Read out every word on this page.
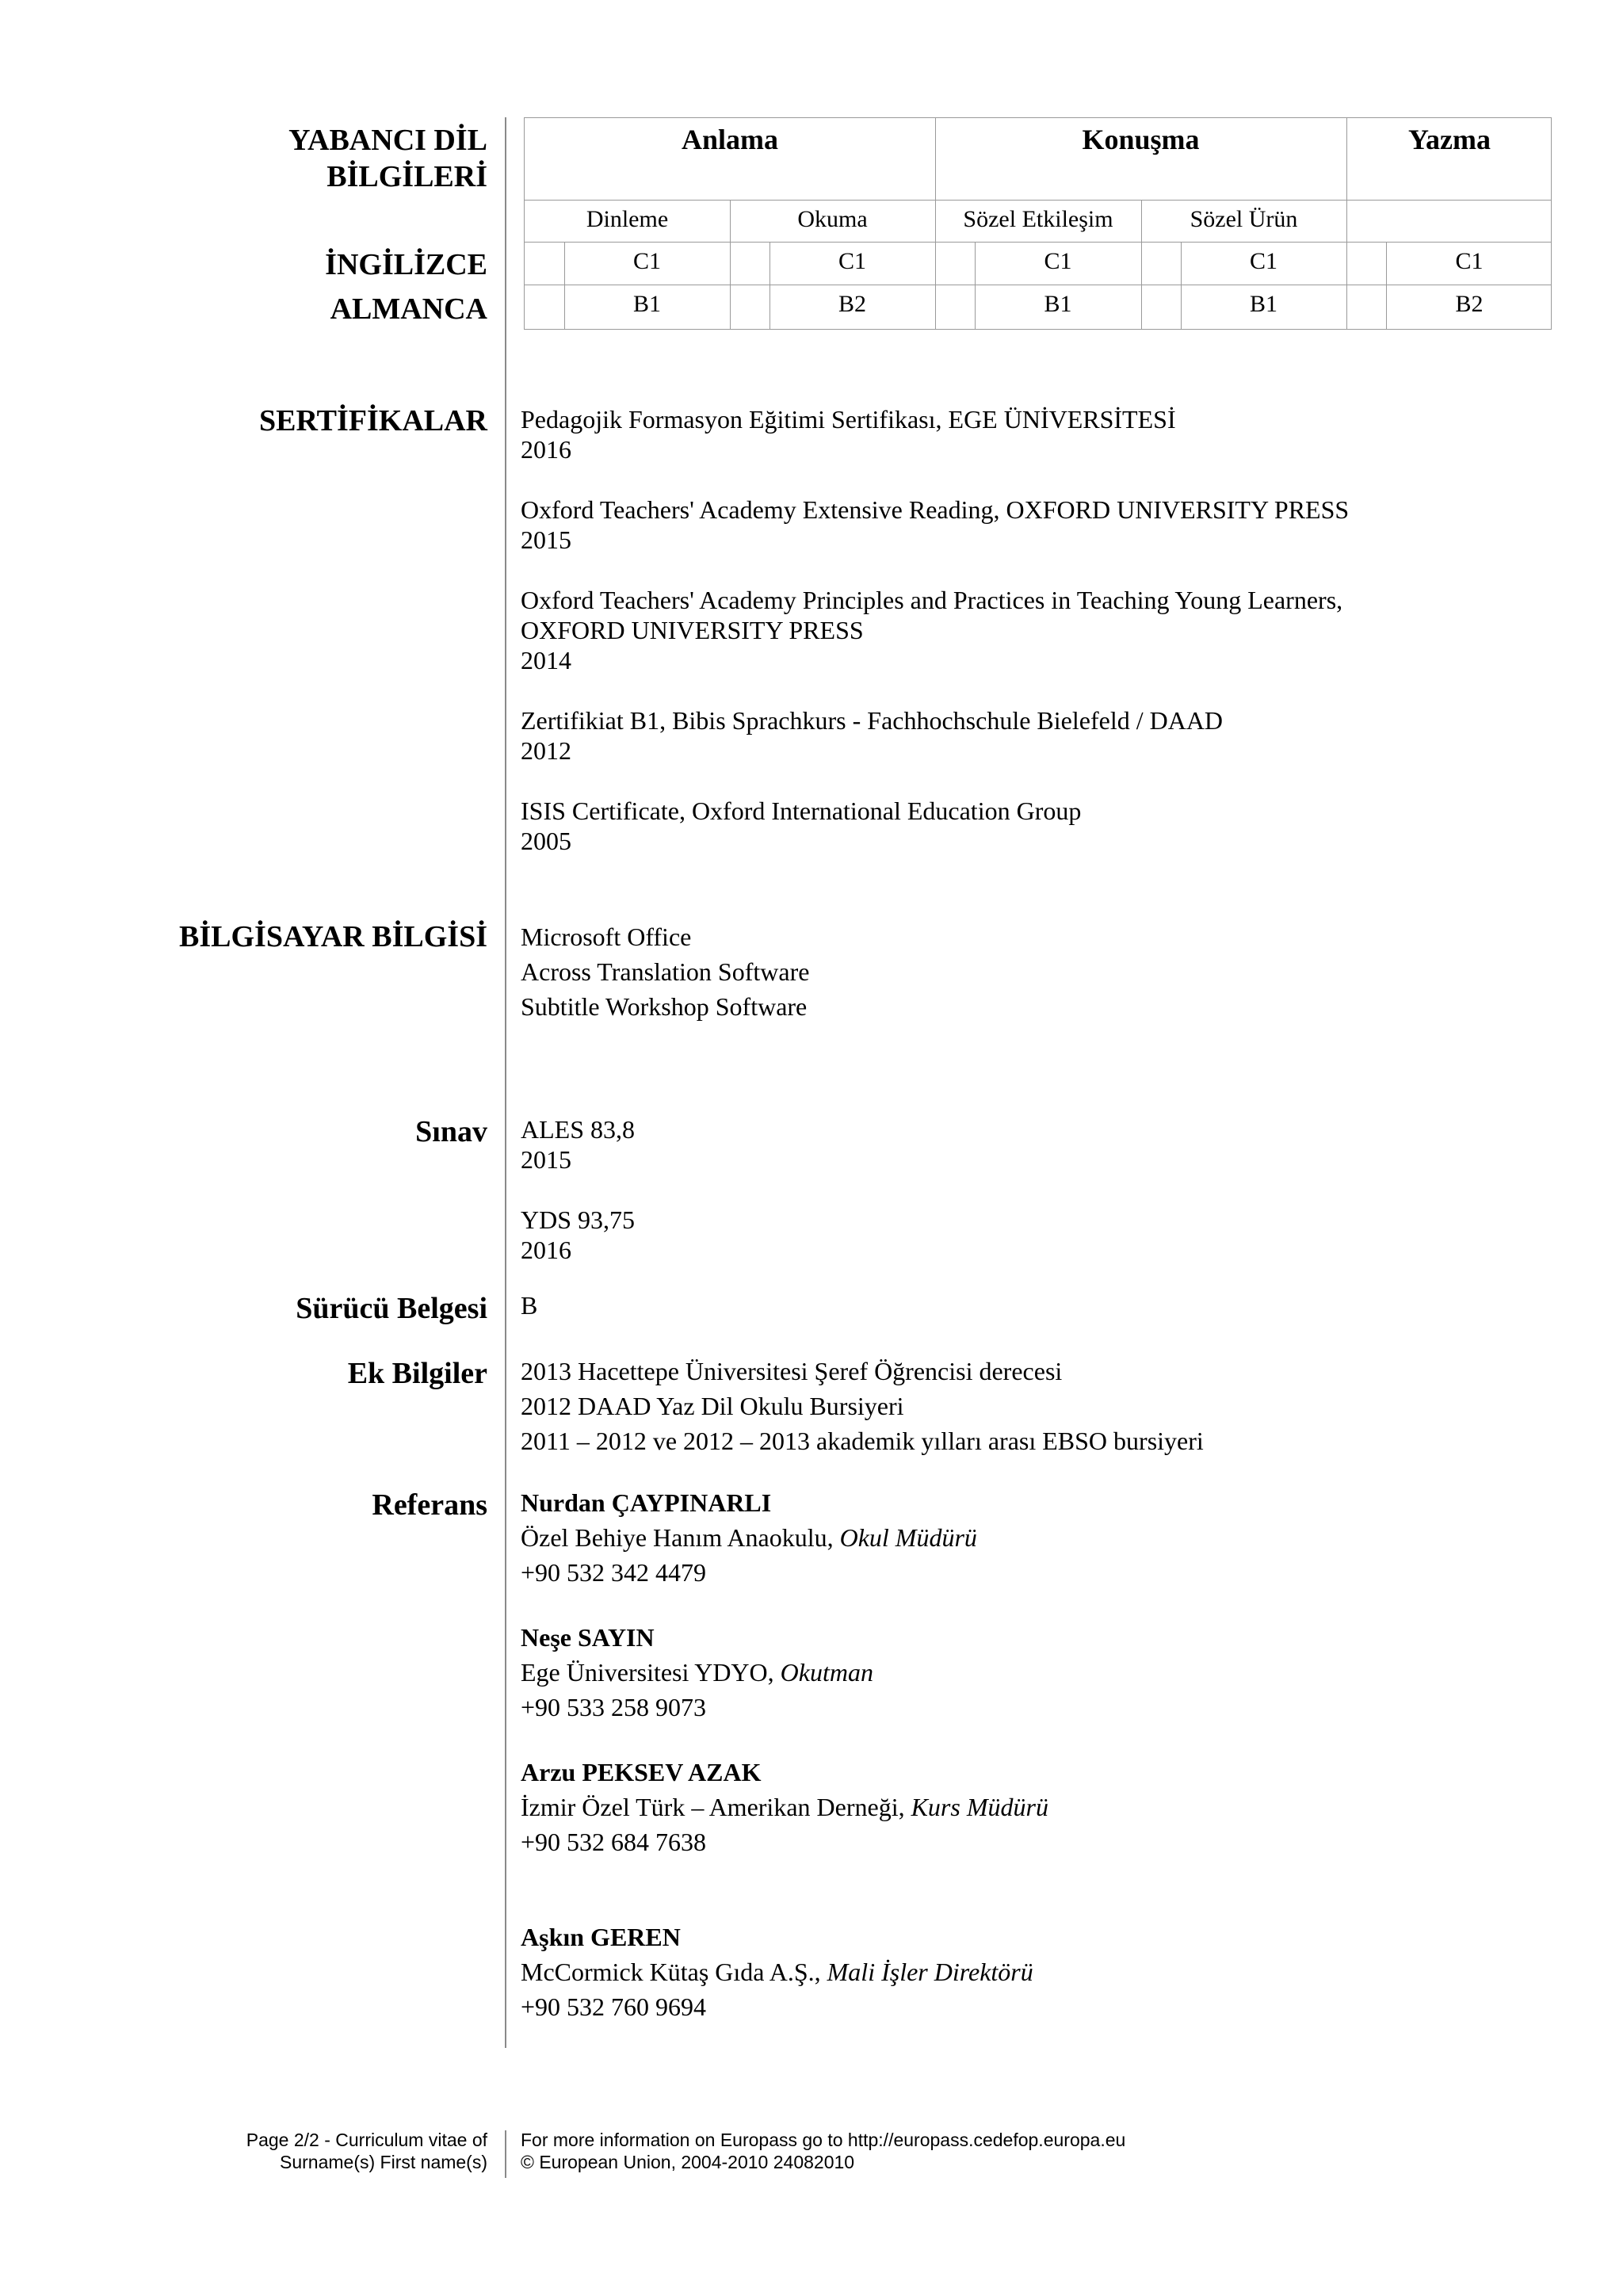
YABANCI DİL BİLGİLERİ
İNGİLİZCE
ALMANCA
Anlama	Konuşma	Yazma
Dinleme	Okuma	Sözel Etkileşim	Sözel Ürün
C1	C1	C1	C1	C1
B1	B2	B1	B1	B2
SERTİFİKALAR Pedagojik Formasyon Eğitimi Sertifikası, EGE ÜNİVERSİTESİ
2016
Oxford Teachers' Academy Extensive Reading, OXFORD UNIVERSITY PRESS
2015
Oxford Teachers' Academy Principles and Practices in Teaching Young Learners,
OXFORD UNIVERSITY PRESS
2014
Zertifikiat B1, Bibis Sprachkurs - Fachhochschule Bielefeld / DAAD
2012
ISIS Certificate, Oxford International Education Group
2005
BİLGİSAYAR BİLGİSİ Microsoft Office
Across Translation Software
Subtitle Workshop Software
Sınav ALES 83,8
2015
YDS 93,75
2016
Sürücü Belgesi B
Ek Bilgiler 2013 Hacettepe Üniversitesi Şeref Öğrencisi derecesi
2012 DAAD Yaz Dil Okulu Bursiyeri
2011 – 2012 ve 2012 – 2013 akademik yılları arası EBSO bursiyeri
Referans Nurdan ÇAYPINARLI
Özel Behiye Hanım Anaokulu, Okul Müdürü
+90 532 342 4479
Neşe SAYIN
Ege Üniversitesi YDYO, Okutman
+90 533 258 9073
Arzu PEKSEV AZAK
İzmir Özel Türk – Amerikan Derneği, Kurs Müdürü
+90 532 684 7638
Aşkın GEREN
McCormick Kütaş Gıda A.Ş., Mali İşler Direktörü
+90 532 760 9694
Page 2/2 - Curriculum vitae of
Surname(s) First name(s)
For more information on Europass go to http://europass.cedefop.europa.eu
© European Union, 2004-2010 24082010
